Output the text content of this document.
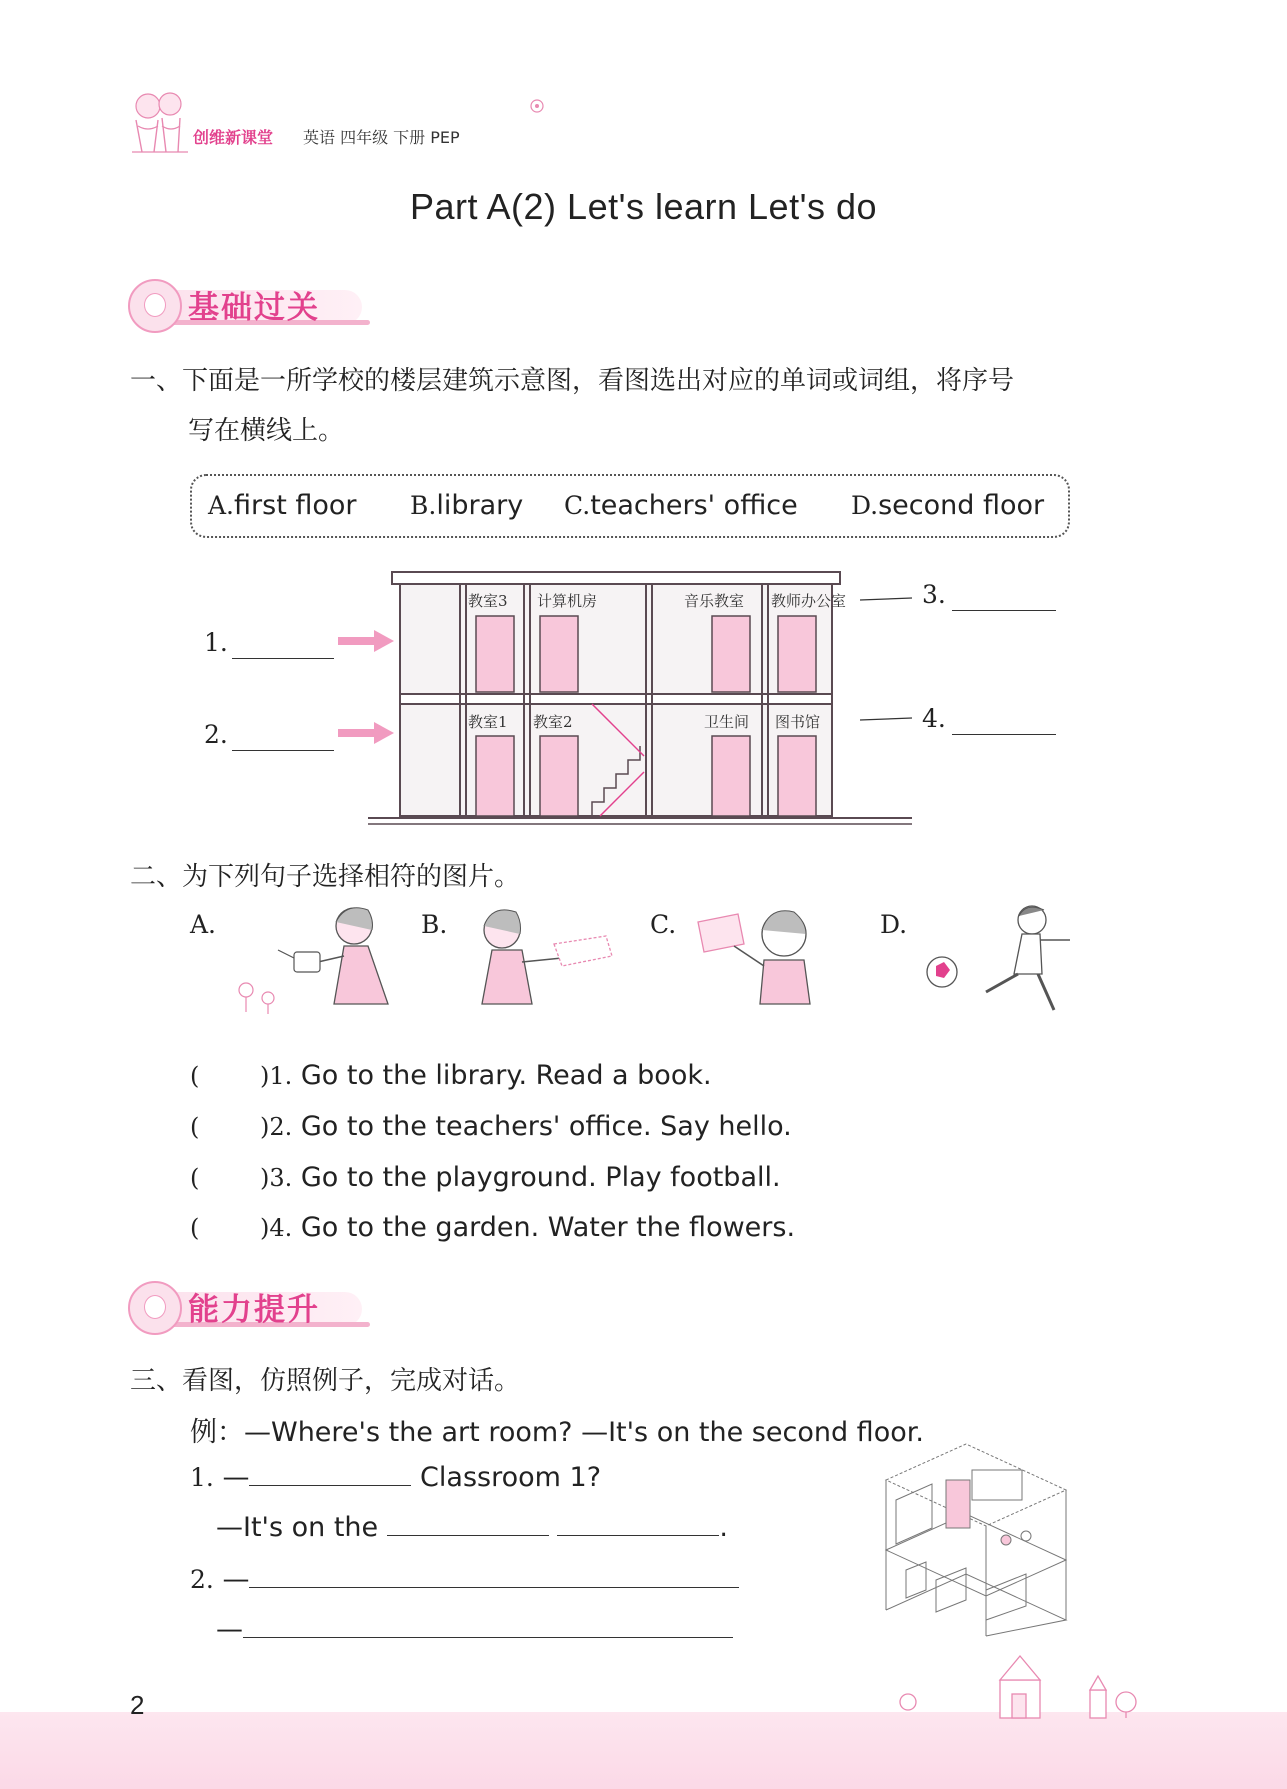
创维新课堂 英语 四年级 下册 PEP
Part A(2) Let's learn Let's do
基础过关
一、下面是一所学校的楼层建筑示意图，看图选出对应的单词或词组，将序号
写在横线上。
A.first floor B.library C.teachers' office D.second floor
教室3 计算机房	音乐教室 教师办公室
教室1 教室2	卫生间 图书馆
1.
2.
3.
4.
二、为下列句子选择相符的图片。
A.	B.	C.	D.
(	)1. Go to the library. Read a book.
(	)2. Go to the teachers' office. Say hello.
(	)3. Go to the playground. Play football.
(	)4. Go to the garden. Water the flowers.
能力提升
三、看图，仿照例子，完成对话。
例：—Where's the art room? —It's on the second floor.
1. —	Classroom 1?
—It's on the	.
2. —
—
2
